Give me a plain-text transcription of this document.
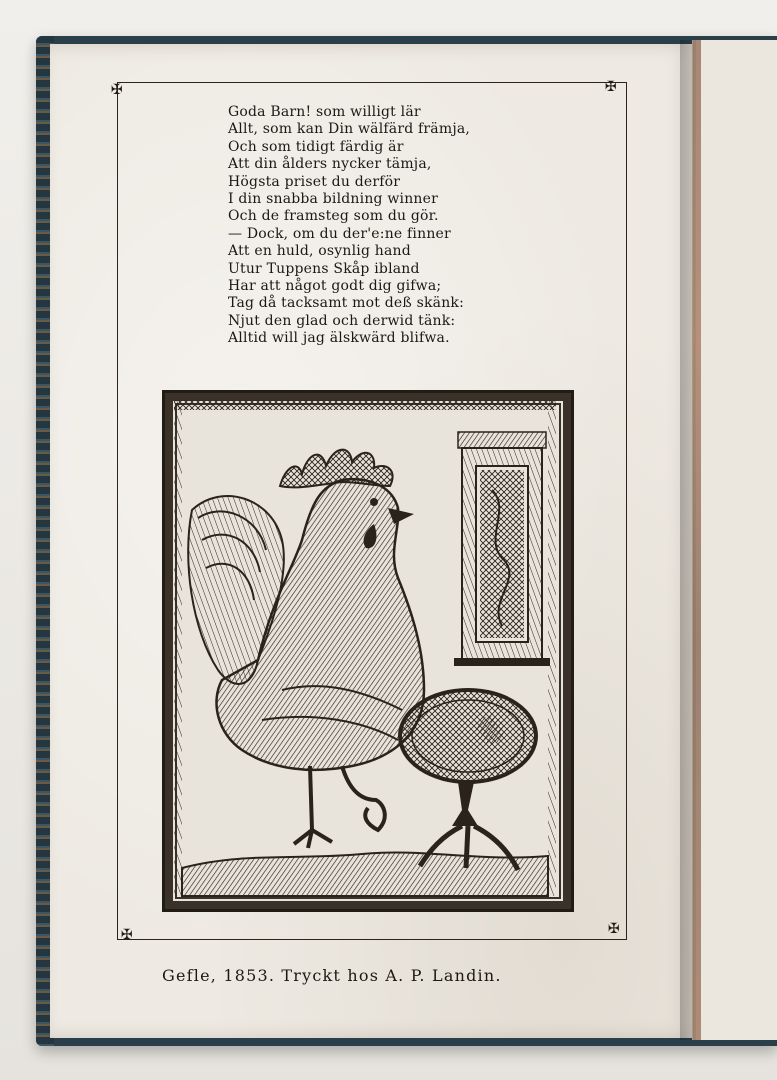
✠	✠
✠	✠
Goda Barn! som willigt lär
Allt, som kan Din wälfärd främja,
Och som tidigt färdig är
Att din ålders nycker tämja,
Högsta priset du derför
I din snabba bildning winner
Och de framsteg som du gör.
— Dock, om du der'e:ne finner
Att en huld, osynlig hand
Utur Tuppens Skåp ibland
Har att något godt dig gifwa;
Tag då tacksamt mot deß skänk:
Njut den glad och derwid tänk:
Alltid will jag älskwärd blifwa.
Gefle, 1853. Tryckt hos A. P. Landin.
